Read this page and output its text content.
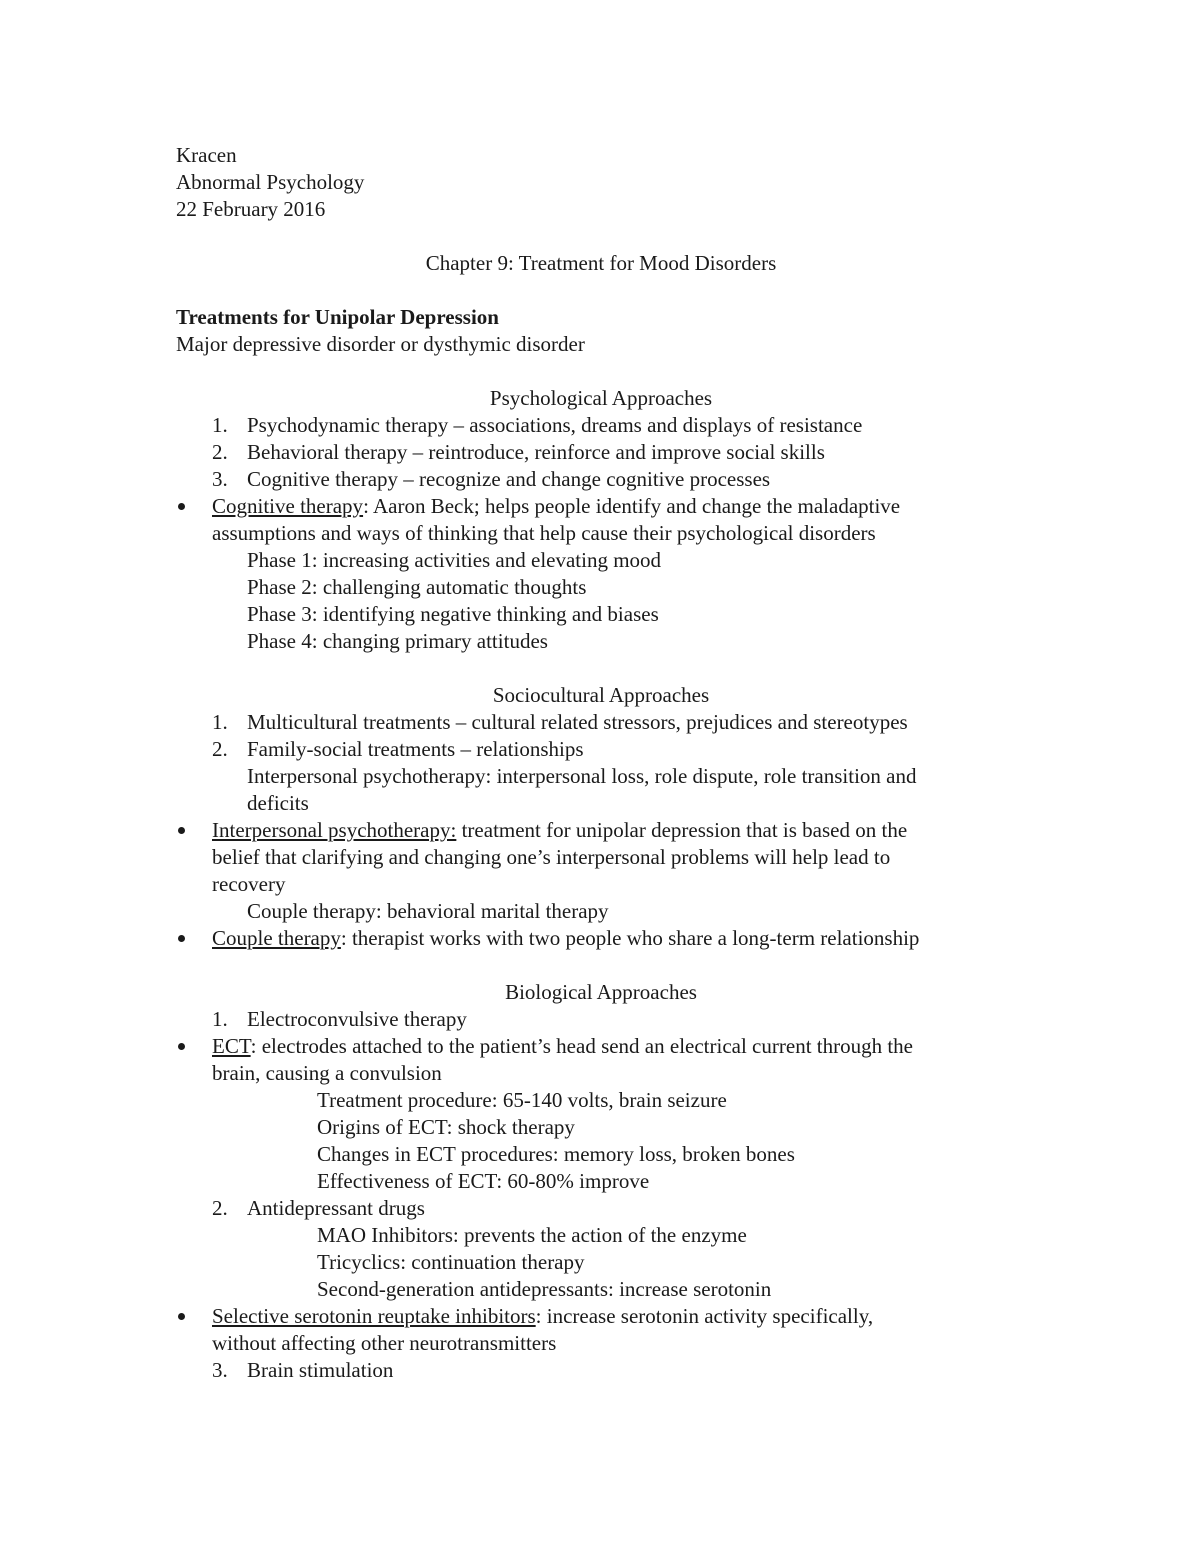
Kracen
Abnormal Psychology
22 February 2016
Chapter 9: Treatment for Mood Disorders
Treatments for Unipolar Depression
Major depressive disorder or dysthymic disorder
Psychological Approaches
1. Psychodynamic therapy – associations, dreams and displays of resistance
2. Behavioral therapy – reintroduce, reinforce and improve social skills
3. Cognitive therapy – recognize and change cognitive processes
Cognitive therapy: Aaron Beck; helps people identify and change the maladaptive
assumptions and ways of thinking that help cause their psychological disorders
Phase 1: increasing activities and elevating mood
Phase 2: challenging automatic thoughts
Phase 3: identifying negative thinking and biases
Phase 4: changing primary attitudes
Sociocultural Approaches
1. Multicultural treatments – cultural related stressors, prejudices and stereotypes
2. Family-social treatments – relationships
Interpersonal psychotherapy: interpersonal loss, role dispute, role transition and
deficits
Interpersonal psychotherapy: treatment for unipolar depression that is based on the
belief that clarifying and changing one’s interpersonal problems will help lead to
recovery
Couple therapy: behavioral marital therapy
Couple therapy: therapist works with two people who share a long-term relationship
Biological Approaches
1. Electroconvulsive therapy
ECT: electrodes attached to the patient’s head send an electrical current through the
brain, causing a convulsion
Treatment procedure: 65-140 volts, brain seizure
Origins of ECT: shock therapy
Changes in ECT procedures: memory loss, broken bones
Effectiveness of ECT: 60-80% improve
2. Antidepressant drugs
MAO Inhibitors: prevents the action of the enzyme
Tricyclics: continuation therapy
Second-generation antidepressants: increase serotonin
Selective serotonin reuptake inhibitors: increase serotonin activity specifically,
without affecting other neurotransmitters
3. Brain stimulation
